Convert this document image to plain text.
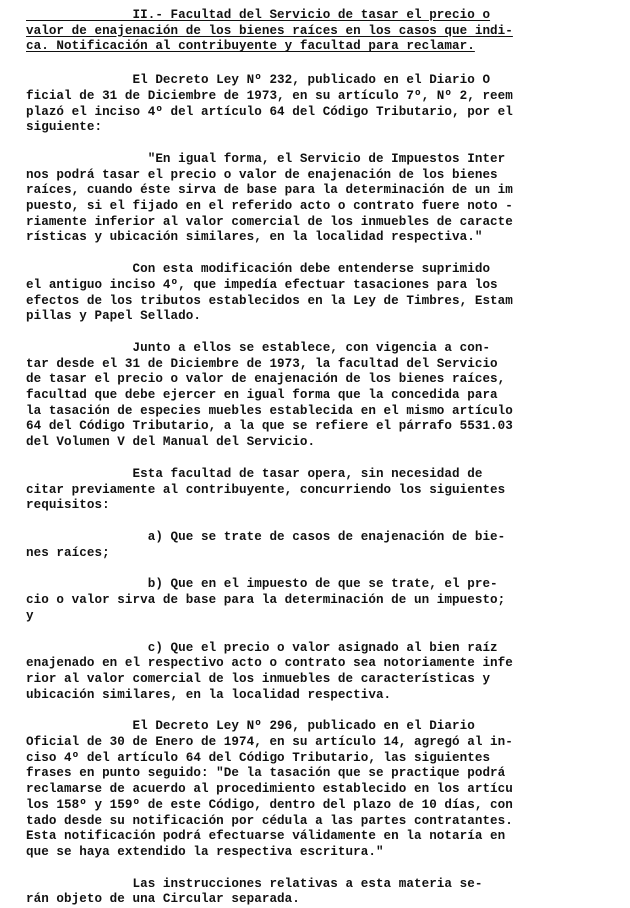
II.- Facultad del Servicio de tasar el precio o
valor de enajenación de los bienes raíces en los casos que indi-
ca. Notificación al contribuyente y facultad para reclamar.
El Decreto Ley Nº 232, publicado en el Diario O
ficial de 31 de Diciembre de 1973, en su artículo 7º, Nº 2, reem
plazó el inciso 4º del artículo 64 del Código Tributario, por el
siguiente:
"En igual forma, el Servicio de Impuestos Inter
nos podrá tasar el precio o valor de enajenación de los bienes
raíces, cuando éste sirva de base para la determinación de un im
puesto, si el fijado en el referido acto o contrato fuere noto -
riamente inferior al valor comercial de los inmuebles de caracte
rísticas y ubicación similares, en la localidad respectiva."
Con esta modificación debe entenderse suprimido
el antiguo inciso 4º, que impedía efectuar tasaciones para los
efectos de los tributos establecidos en la Ley de Timbres, Estam
pillas y Papel Sellado.
Junto a ellos se establece, con vigencia a con-
tar desde el 31 de Diciembre de 1973, la facultad del Servicio
de tasar el precio o valor de enajenación de los bienes raíces,
facultad que debe ejercer en igual forma que la concedida para
la tasación de especies muebles establecida en el mismo artículo
64 del Código Tributario, a la que se refiere el párrafo 5531.03
del Volumen V del Manual del Servicio.
Esta facultad de tasar opera, sin necesidad de
citar previamente al contribuyente, concurriendo los siguientes
requisitos:
a) Que se trate de casos de enajenación de bie-
nes raíces;
b) Que en el impuesto de que se trate, el pre-
cio o valor sirva de base para la determinación de un impuesto;
y
c) Que el precio o valor asignado al bien raíz
enajenado en el respectivo acto o contrato sea notoriamente infe
rior al valor comercial de los inmuebles de características y
ubicación similares, en la localidad respectiva.
El Decreto Ley Nº 296, publicado en el Diario
Oficial de 30 de Enero de 1974, en su artículo 14, agregó al in-
ciso 4º del artículo 64 del Código Tributario, las siguientes
frases en punto seguido: "De la tasación que se practique podrá
reclamarse de acuerdo al procedimiento establecido en los artícu
los 158º y 159º de este Código, dentro del plazo de 10 días, con
tado desde su notificación por cédula a las partes contratantes.
Esta notificación podrá efectuarse válidamente en la notaría en
que se haya extendido la respectiva escritura."
Las instrucciones relativas a esta materia se-
rán objeto de una Circular separada.
